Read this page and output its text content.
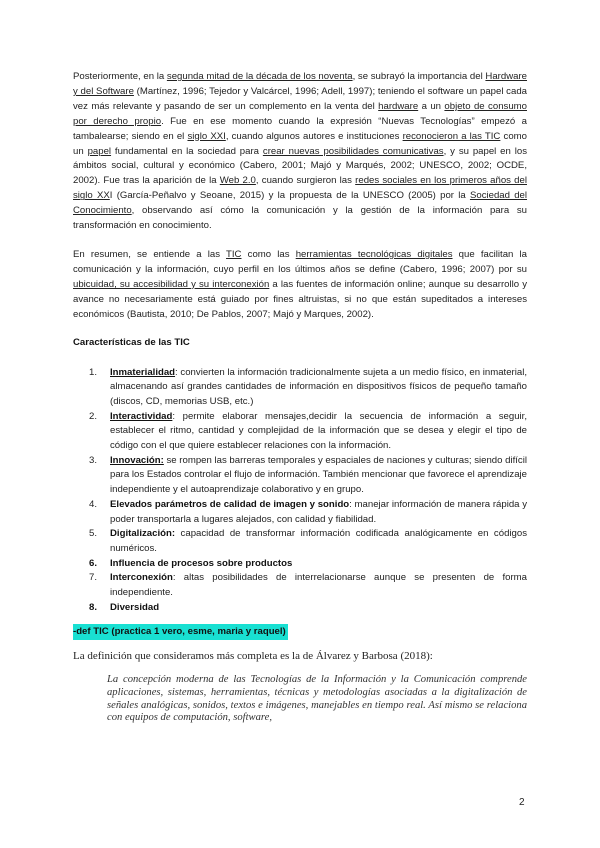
Posteriormente, en la segunda mitad de la década de los noventa, se subrayó la importancia del Hardware y del Software (Martínez, 1996; Tejedor y Valcárcel, 1996; Adell, 1997); teniendo el software un papel cada vez más relevante y pasando de ser un complemento en la venta del hardware a un objeto de consumo por derecho propio. Fue en ese momento cuando la expresión “Nuevas Tecnologías” empezó a tambalearse; siendo en el siglo XXI, cuando algunos autores e instituciones reconocieron a las TIC como un papel fundamental en la sociedad para crear nuevas posibilidades comunicativas, y su papel en los ámbitos social, cultural y económico (Cabero, 2001; Majó y Marqués, 2002; UNESCO, 2002; OCDE, 2002). Fue tras la aparición de la Web 2.0, cuando surgieron las redes sociales en los primeros años del siglo XXI (García-Peñalvo y Seoane, 2015) y la propuesta de la UNESCO (2005) por la Sociedad del Conocimiento, observando así cómo la comunicación y la gestión de la información para su transformación en conocimiento.

En resumen, se entiende a las TIC como las herramientas tecnológicas digitales que facilitan la comunicación y la información, cuyo perfil en los últimos años se define (Cabero, 1996; 2007) por su ubicuidad, su accesibilidad y su interconexión a las fuentes de información online; aunque su desarrollo y avance no necesariamente está guiado por fines altruistas, si no que están supeditados a intereses económicos (Bautista, 2010; De Pablos, 2007; Majó y Marques, 2002).

Características de las TIC

1.	Inmaterialidad: convierten la información tradicionalmente sujeta a un medio físico, en inmaterial, almacenando así grandes cantidades de información en dispositivos físicos de pequeño tamaño (discos, CD, memorias USB, etc.)
2.	Interactividad: permite elaborar mensajes,decidir la secuencia de información a seguir, establecer el ritmo, cantidad y complejidad de la información que se desea y elegir el tipo de código con el que quiere establecer relaciones con la información.
3.	Innovación: se rompen las barreras temporales y espaciales de naciones y culturas; siendo difícil para los Estados controlar el flujo de información. También mencionar que favorece el aprendizaje independiente y el autoaprendizaje colaborativo y en grupo.
4.	Elevados parámetros de calidad de imagen y sonido: manejar información de manera rápida y poder transportarla a lugares alejados, con calidad y fiabilidad.
5.	Digitalización: capacidad de transformar información codificada analógicamente en códigos numéricos.
6.	Influencia de procesos sobre productos
7.	Interconexión: altas posibilidades de interrelacionarse aunque se presenten de forma independiente.
8.	Diversidad
-def TIC (practica 1 vero, esme, maria y raquel)

La definición que consideramos más completa es la de Álvarez y Barbosa (2018):

La concepción moderna de las Tecnologías de la Información y la Comunicación comprende aplicaciones, sistemas, herramientas, técnicas y metodologías asociadas a la digitalización de señales analógicas, sonidos, textos e imágenes, manejables en tiempo real. Así mismo se relaciona con equipos de computación, software,

2
